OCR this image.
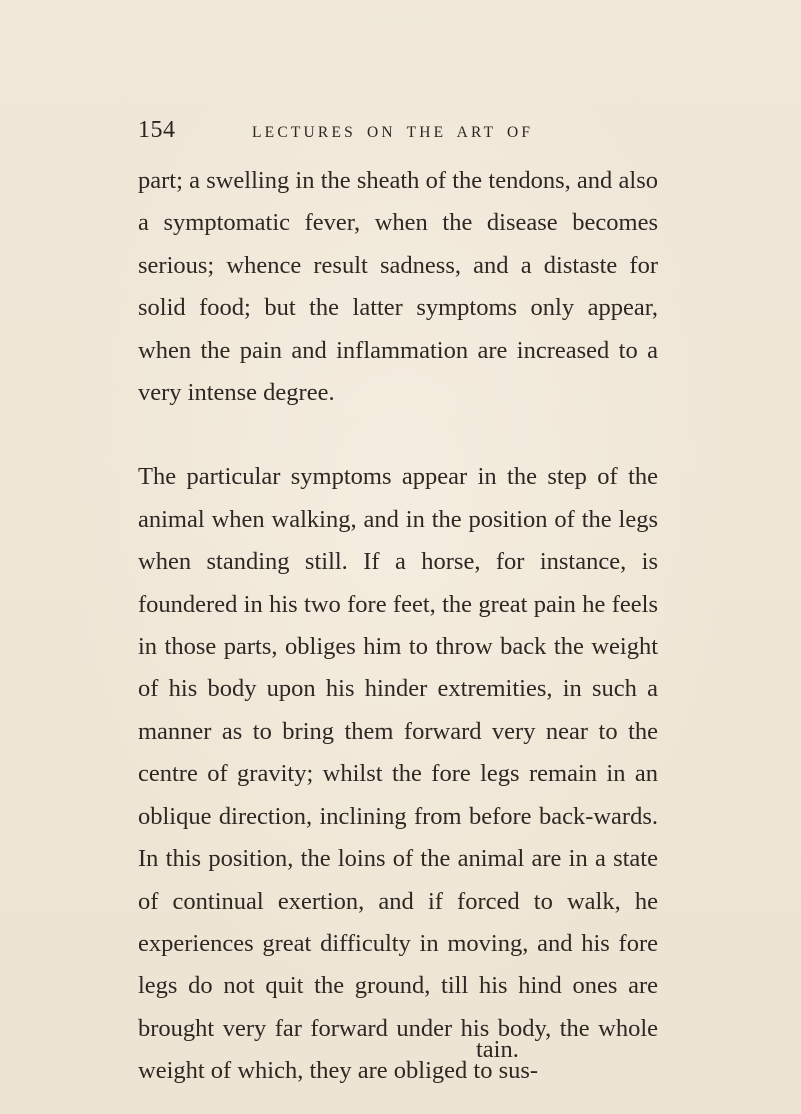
154	LECTURES ON THE ART OF

part; a swelling in the sheath of the tendons, and also a symptomatic fever, when the disease becomes serious; whence result sadness, and a distaste for solid food; but the latter symptoms only appear, when the pain and inflammation are increased to a very intense degree.

The particular symptoms appear in the step of the animal when walking, and in the position of the legs when standing still. If a horse, for instance, is foundered in his two fore feet, the great pain he feels in those parts, obliges him to throw back the weight of his body upon his hinder extremities, in such a manner as to bring them forward very near to the centre of gravity; whilst the fore legs remain in an oblique direction, inclining from before back-wards. In this position, the loins of the animal are in a state of continual exertion, and if forced to walk, he experiences great difficulty in moving, and his fore legs do not quit the ground, till his hind ones are brought very far forward under his body, the whole weight of which, they are obliged to sus-

tain.
